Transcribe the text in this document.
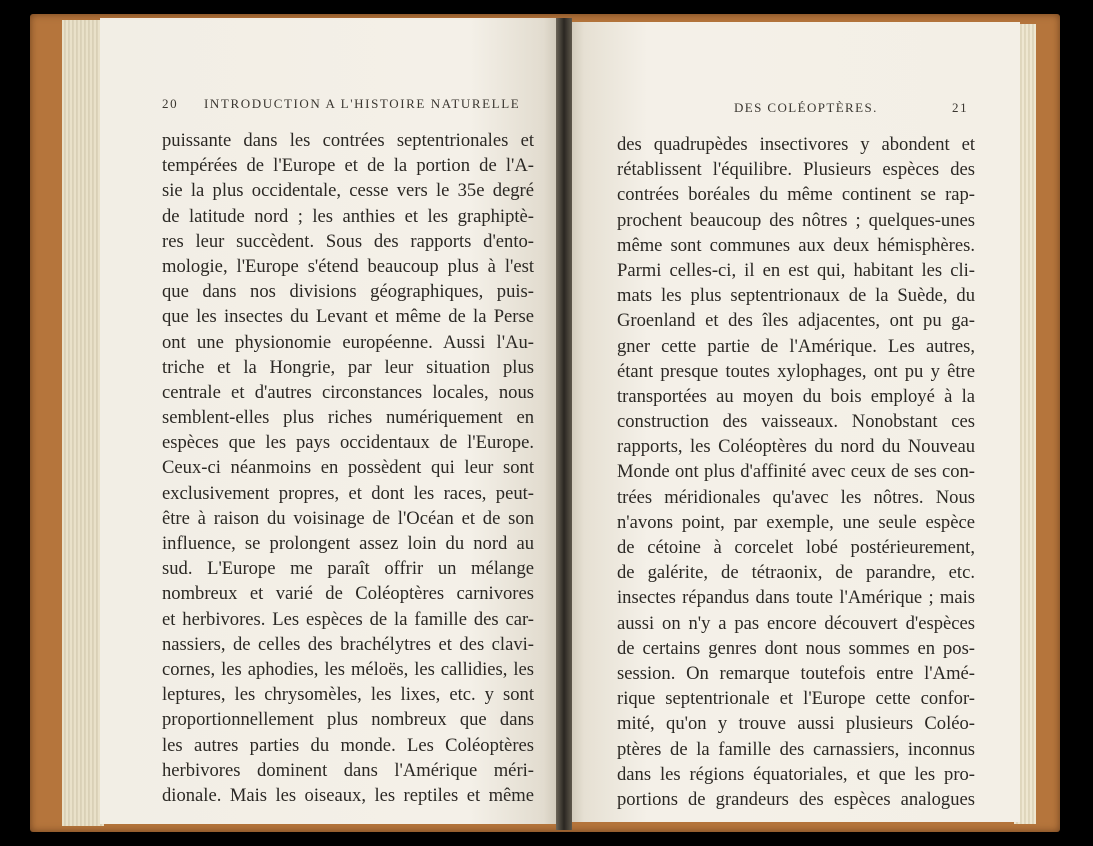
20 INTRODUCTION A L'HISTOIRE NATURELLE
puissante dans les contrées septentrionales et
tempérées de l'Europe et de la portion de l'A-
sie la plus occidentale, cesse vers le 35e degré
de latitude nord ; les anthies et les graphiptè-
res leur succèdent. Sous des rapports d'ento-
mologie, l'Europe s'étend beaucoup plus à l'est
que dans nos divisions géographiques, puis-
que les insectes du Levant et même de la Perse
ont une physionomie européenne. Aussi l'Au-
triche et la Hongrie, par leur situation plus
centrale et d'autres circonstances locales, nous
semblent-elles plus riches numériquement en
espèces que les pays occidentaux de l'Europe.
Ceux-ci néanmoins en possèdent qui leur sont
exclusivement propres, et dont les races, peut-
être à raison du voisinage de l'Océan et de son
influence, se prolongent assez loin du nord au
sud. L'Europe me paraît offrir un mélange
nombreux et varié de Coléoptères carnivores
et herbivores. Les espèces de la famille des car-
nassiers, de celles des brachélytres et des clavi-
cornes, les aphodies, les méloës, les callidies, les
leptures, les chrysomèles, les lixes, etc. y sont
proportionnellement plus nombreux que dans
les autres parties du monde. Les Coléoptères
herbivores dominent dans l'Amérique méri-
dionale. Mais les oiseaux, les reptiles et même
DES COLÉOPTÈRES.	21
des quadrupèdes insectivores y abondent et
rétablissent l'équilibre. Plusieurs espèces des
contrées boréales du même continent se rap-
prochent beaucoup des nôtres ; quelques-unes
même sont communes aux deux hémisphères.
Parmi celles-ci, il en est qui, habitant les cli-
mats les plus septentrionaux de la Suède, du
Groenland et des îles adjacentes, ont pu ga-
gner cette partie de l'Amérique. Les autres,
étant presque toutes xylophages, ont pu y être
transportées au moyen du bois employé à la
construction des vaisseaux. Nonobstant ces
rapports, les Coléoptères du nord du Nouveau
Monde ont plus d'affinité avec ceux de ses con-
trées méridionales qu'avec les nôtres. Nous
n'avons point, par exemple, une seule espèce
de cétoine à corcelet lobé postérieurement,
de galérite, de tétraonix, de parandre, etc.
insectes répandus dans toute l'Amérique ; mais
aussi on n'y a pas encore découvert d'espèces
de certains genres dont nous sommes en pos-
session. On remarque toutefois entre l'Amé-
rique septentrionale et l'Europe cette confor-
mité, qu'on y trouve aussi plusieurs Coléo-
ptères de la famille des carnassiers, inconnus
dans les régions équatoriales, et que les pro-
portions de grandeurs des espèces analogues
